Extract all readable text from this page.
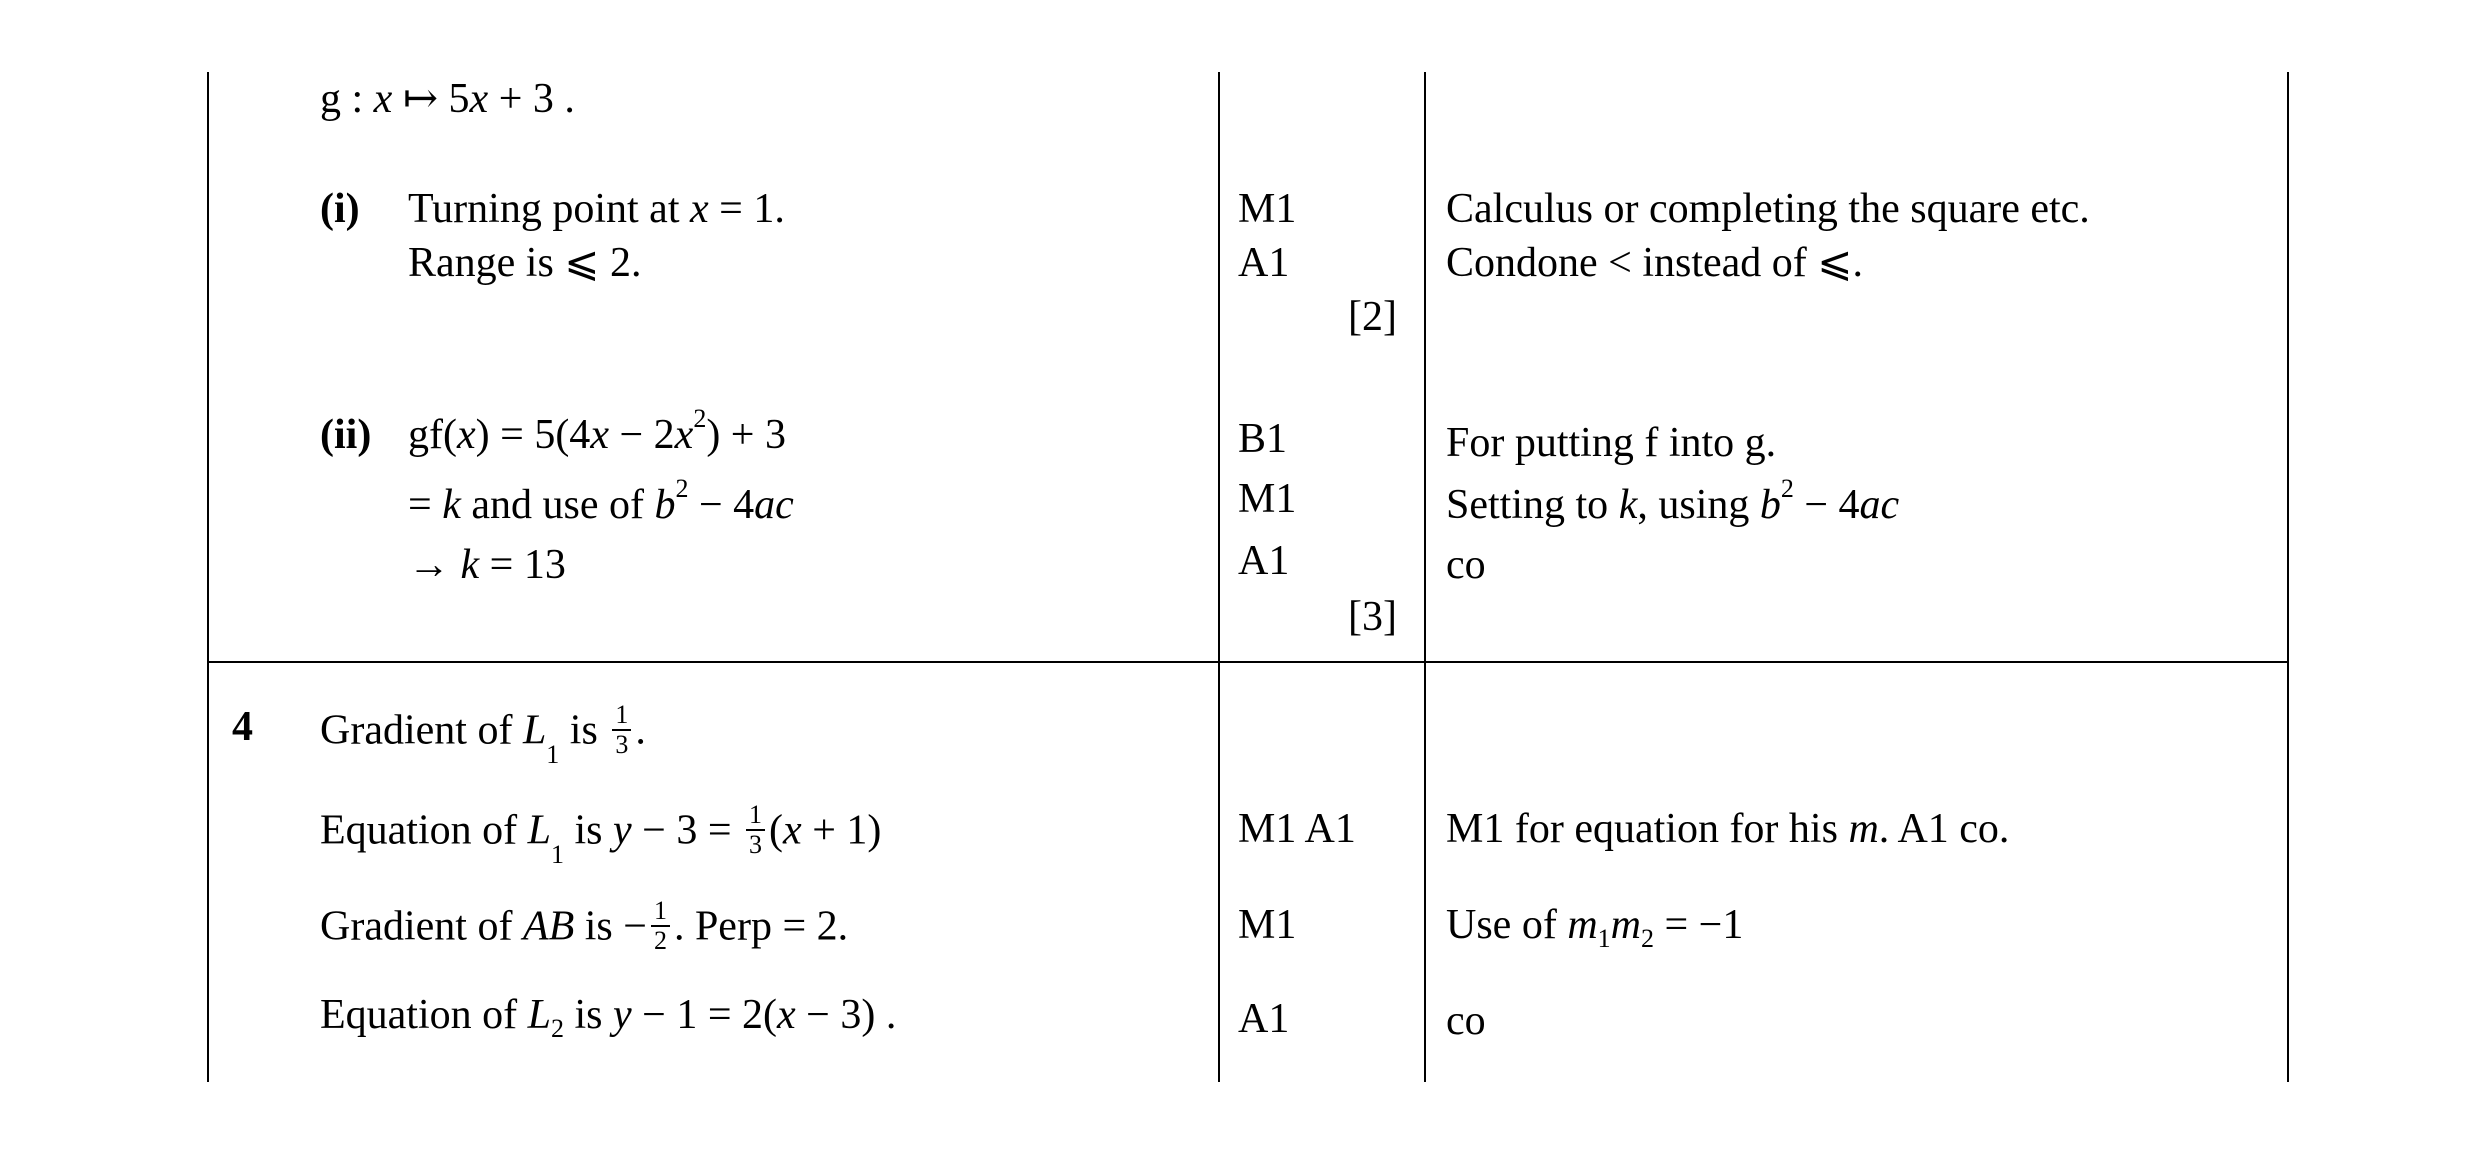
g : x ↦ 5x + 3 .
(i) Turning point at x = 1.
Range is ⩽ 2.
M1
A1
[2]
Calculus or completing the square etc.
Condone < instead of ⩽.
(ii) $gf(x) = 5(4x - 2x^2) + 3$
= k and use of $b^2 - 4ac$
→ k = 13
B1
M1
A1
[3]
For putting f into g.
Setting to k, using $b^2 - 4ac$
co
4 Gradient of $L_1$ is $\frac{1}{3}$ .
Equation of $L_1$ is $y - 3 = \frac{1}{3} (x + 1)$
Gradient of AB is − $\frac{1}{2}$ . Perp = 2.
Equation of $L_2$ is y − 1 = 2(x − 3) .
M1 A1
M1
A1
M1 for equation for his m. A1 co.
Use of $m_1m_2 = -1$
co
